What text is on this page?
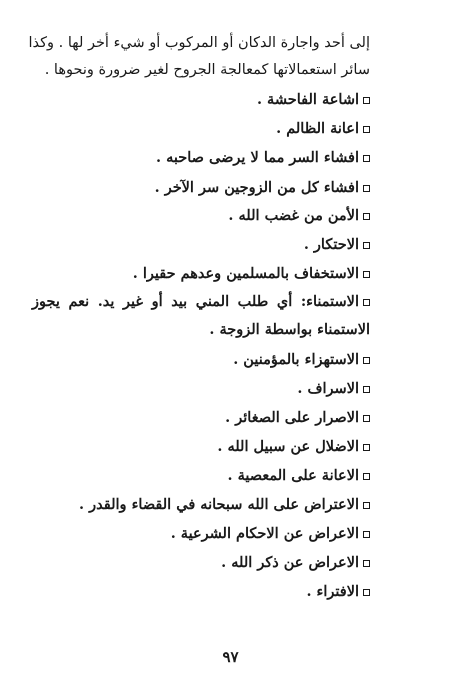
إلى أحد واجارة الدكان أو المركوب أو شيء أخر لها . وكذا
سائر استعمالاتها كمعالجة الجروح لغير ضرورة ونحوها .
اشاعة الفاحشة .
اعانة الظالم .
افشاء السر مما لا يرضى صاحبه .
افشاء كل من الزوجين سر الآخر .
الأمن من غضب الله .
الاحتكار .
الاستخفاف بالمسلمين وعدهم حقيرا .
الاستمناء: أي طلب المني بيد أو غير يد. نعم يجوز
الاستمناء بواسطة الزوجة .
الاستهزاء بالمؤمنين .
الاسراف .
الاصرار على الصغائر .
الاضلال عن سبيل الله .
الاعانة على المعصية .
الاعتراض على الله سبحانه في القضاء والقدر .
الاعراض عن الاحكام الشرعية .
الاعراض عن ذكر الله .
الافتراء .
٩٧
